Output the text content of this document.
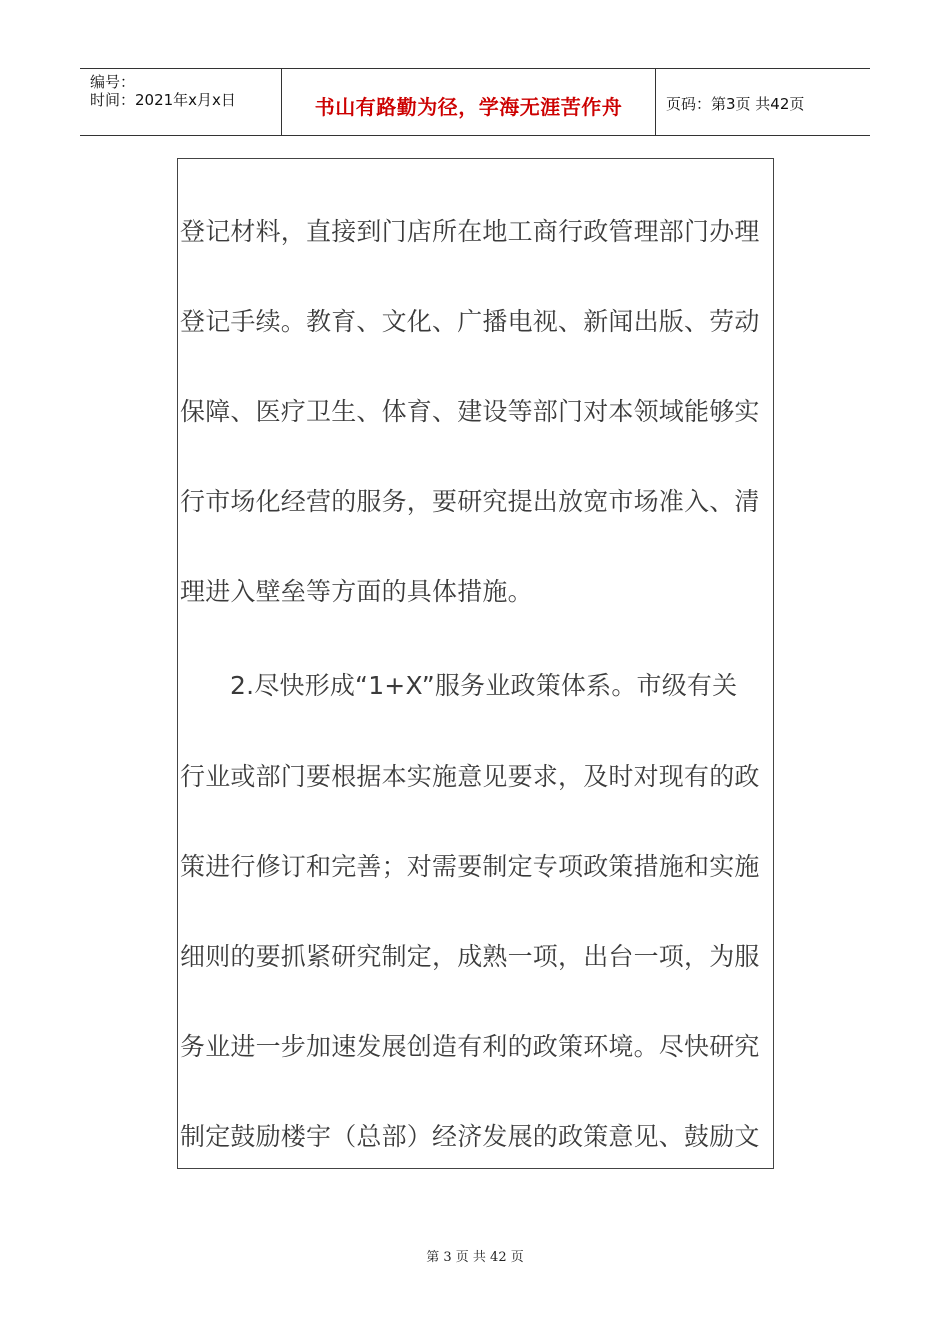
编号：
时间：2021年x月x日	书山有路勤为径，学海无涯苦作舟	页码：第3页 共42页
登记材料，直接到门店所在地工商行政管理部门办理
登记手续。教育、文化、广播电视、新闻出版、劳动
保障、医疗卫生、体育、建设等部门对本领域能够实
行市场化经营的服务，要研究提出放宽市场准入、清
理进入壁垒等方面的具体措施。
2.尽快形成“1+X”服务业政策体系。市级有关
行业或部门要根据本实施意见要求，及时对现有的政
策进行修订和完善；对需要制定专项政策措施和实施
细则的要抓紧研究制定，成熟一项，出台一项，为服
务业进一步加速发展创造有利的政策环境。尽快研究
制定鼓励楼宇（总部）经济发展的政策意见、鼓励文
第 3 页 共 42 页
